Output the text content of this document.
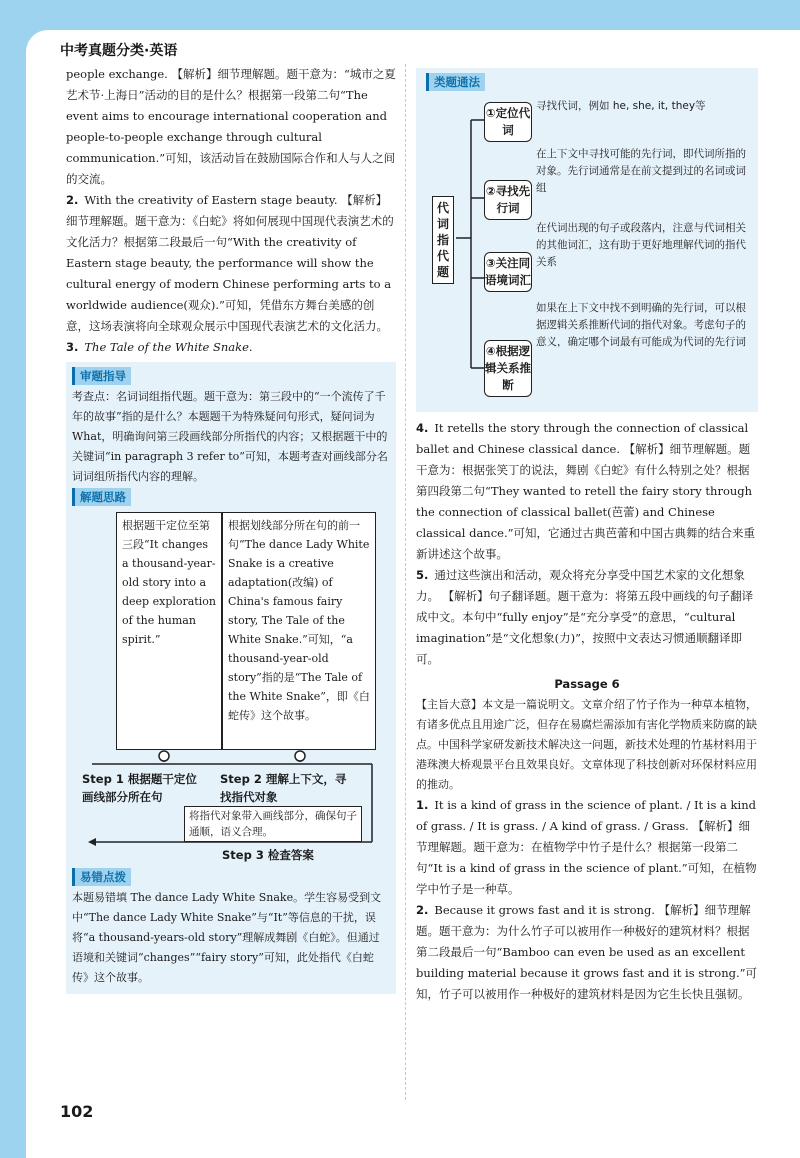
中考真题分类·英语

people exchange. 【解析】细节理解题。题干意为：“城市之夏艺术节·上海日”活动的目的是什么？根据第一段第二句“The event aims to encourage international cooperation and people-to-people exchange through cultural communication.”可知，该活动旨在鼓励国际合作和人与人之间的交流。

2. With the creativity of Eastern stage beauty. 【解析】细节理解题。题干意为：《白蛇》将如何展现中国现代表演艺术的文化活力？根据第二段最后一句“With the creativity of Eastern stage beauty, the performance will show the cultural energy of modern Chinese performing arts to a worldwide audience(观众).”可知，凭借东方舞台美感的创意，这场表演将向全球观众展示中国现代表演艺术的文化活力。

3. The Tale of the White Snake.

审题指导

考查点：名词词组指代题。题干意为：第三段中的“一个流传了千年的故事”指的是什么？本题题干为特殊疑问句形式，疑问词为 What，明确询问第三段画线部分所指代的内容；又根据题干中的关键词“in paragraph 3 refer to”可知，本题考查对画线部分名词词组所指代内容的理解。

解题思路
根据题干定位至第三段“It changes a thousand-year-old story into a deep exploration of the human spirit.”
根据划线部分所在句的前一句“The dance Lady White Snake is a creative adaptation(改编) of China's famous fairy story, The Tale of the White Snake.”可知，“a thousand-year-old story”指的是“The Tale of the White Snake”，即《白蛇传》这个故事。
Step 1 根据题干定位画线部分所在句
Step 2 理解上下文，寻找指代对象
将指代对象带入画线部分，确保句子通顺，语义合理。
Step 3 检查答案
易错点拨

本题易错填 The dance Lady White Snake。学生容易受到文中“The dance Lady White Snake”与“It”等信息的干扰，误将“a thousand-years-old story”理解成舞剧《白蛇》。但通过语境和关键词“changes”“fairy story”可知，此处指代《白蛇传》这个故事。

类题通法
代词指代题
①定位代词
寻找代词，例如 he, she, it, they等
②寻找先行词
在上下文中寻找可能的先行词，即代词所指的对象。先行词通常是在前文提到过的名词或词组
③关注同语境词汇
在代词出现的句子或段落内，注意与代词相关的其他词汇，这有助于更好地理解代词的指代关系
④根据逻辑关系推断
如果在上下文中找不到明确的先行词，可以根据逻辑关系推断代词的指代对象。考虑句子的意义，确定哪个词最有可能成为代词的先行词

4. It retells the story through the connection of classical ballet and Chinese classical dance. 【解析】细节理解题。题干意为：根据张笑丁的说法，舞剧《白蛇》有什么特别之处？根据第四段第二句“They wanted to retell the fairy story through the connection of classical ballet(芭蕾) and Chinese classical dance.”可知，它通过古典芭蕾和中国古典舞的结合来重新讲述这个故事。

5. 通过这些演出和活动，观众将充分享受中国艺术家的文化想象力。 【解析】句子翻译题。题干意为：将第五段中画线的句子翻译成中文。本句中“fully enjoy”是“充分享受”的意思，“cultural imagination”是“文化想象(力)”，按照中文表达习惯通顺翻译即可。

Passage 6

【主旨大意】本文是一篇说明文。文章介绍了竹子作为一种草本植物，有诸多优点且用途广泛，但存在易腐烂需添加有害化学物质来防腐的缺点。中国科学家研发新技术解决这一问题，新技术处理的竹基材料用于港珠澳大桥观景平台且效果良好。文章体现了科技创新对环保材料应用的推动。

1. It is a kind of grass in the science of plant. / It is a kind of grass. / It is grass. / A kind of grass. / Grass. 【解析】细节理解题。题干意为：在植物学中竹子是什么？根据第一段第二句“It is a kind of grass in the science of plant.”可知，在植物学中竹子是一种草。

2. Because it grows fast and it is strong. 【解析】细节理解题。题干意为：为什么竹子可以被用作一种极好的建筑材料？根据第二段最后一句“Bamboo can even be used as an excellent building material because it grows fast and it is strong.”可知，竹子可以被用作一种极好的建筑材料是因为它生长快且强韧。

102
